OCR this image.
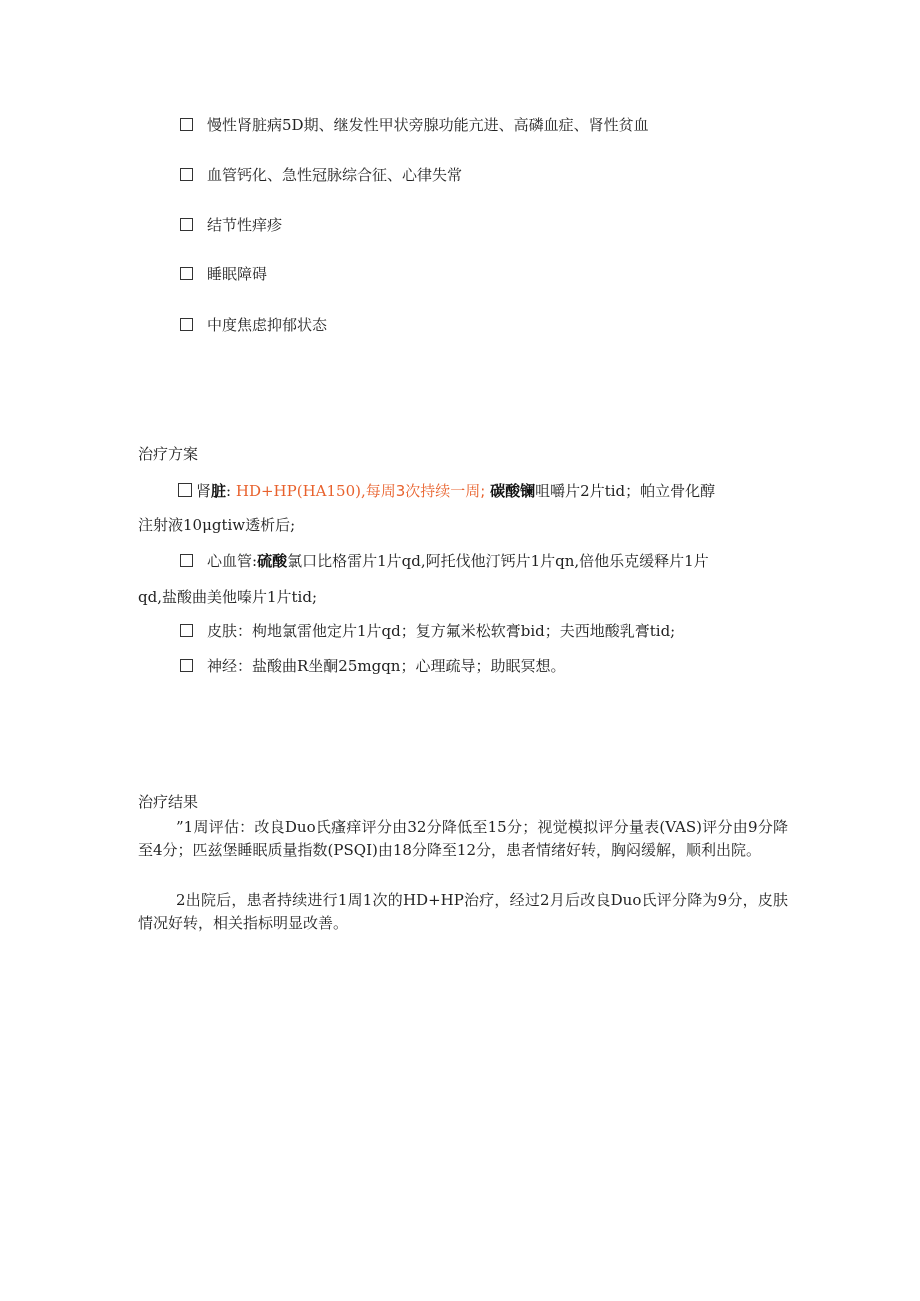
慢性肾脏病5D期、继发性甲状旁腺功能亢进、高磷血症、肾性贫血
血管钙化、急性冠脉综合征、心律失常
结节性痒疹
睡眠障碍
中度焦虑抑郁状态
治疗方案
肾脏: HD+HP(HA150),每周3次持续一周; 碳酸镧咀嚼片2片tid；帕立骨化醇
注射液10μgtiw透析后;
心血管:硫酸氯口比格雷片1片qd,阿托伐他汀钙片1片qn,倍他乐克缓释片1片
qd,盐酸曲美他嗪片1片tid;
皮肤：枸地氯雷他定片1片qd；复方氟米松软膏bid；夫西地酸乳膏tid;
神经：盐酸曲R坐酮25mgqn；心理疏导；助眠冥想。
治疗结果
”1周评估：改良Duo氏瘙痒评分由32分降低至15分；视觉模拟评分量表(VAS)评分由9分降至4分；匹兹堡睡眠质量指数(PSQI)由18分降至12分，患者情绪好转，胸闷缓解，顺利出院。
2出院后，患者持续进行1周1次的HD+HP治疗，经过2月后改良Duo氏评分降为9分，皮肤情况好转，相关指标明显改善。
